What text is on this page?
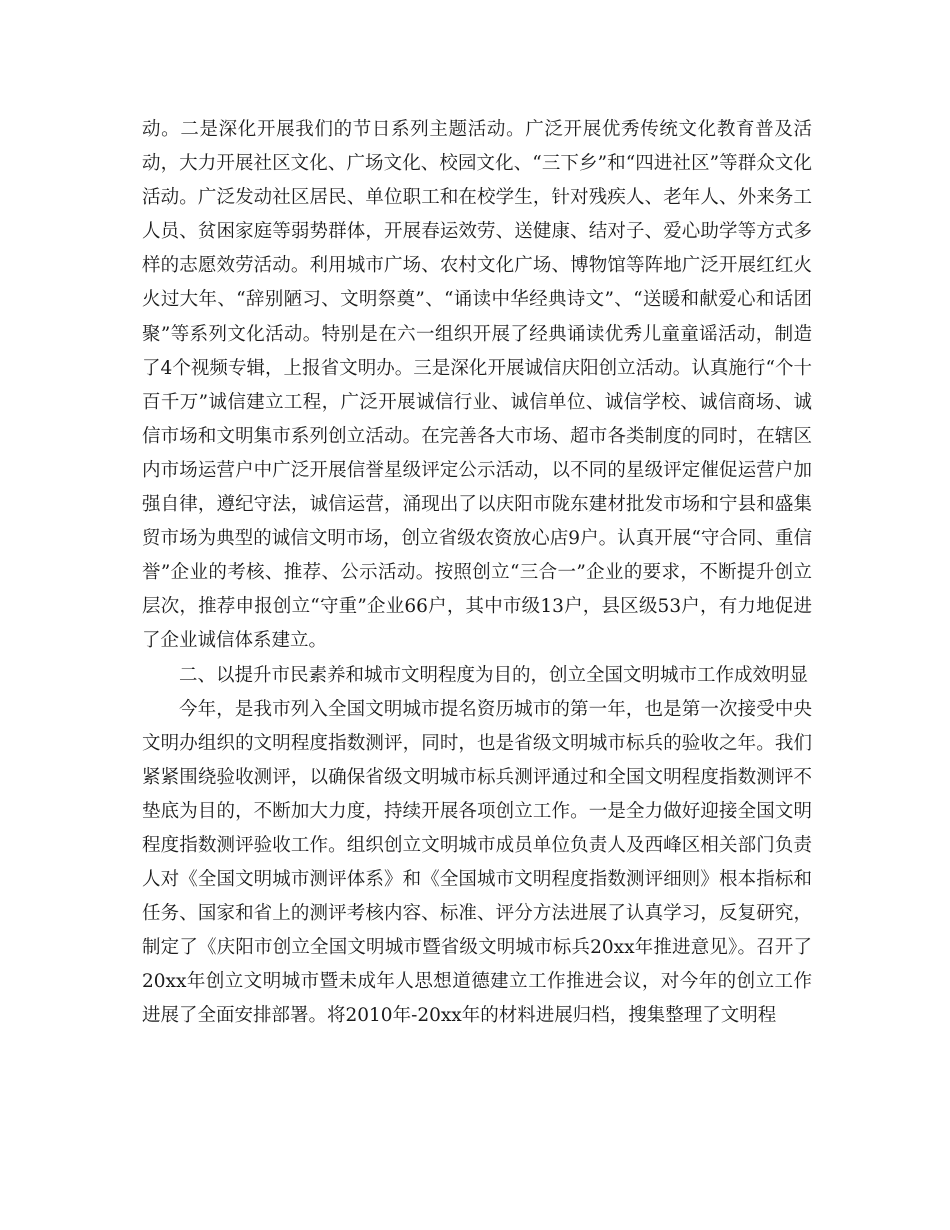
动。二是深化开展我们的节日系列主题活动。广泛开展优秀传统文化教育普及活动，大力开展社区文化、广场文化、校园文化、“三下乡”和“四进社区”等群众文化活动。广泛发动社区居民、单位职工和在校学生，针对残疾人、老年人、外来务工人员、贫困家庭等弱势群体，开展春运效劳、送健康、结对子、爱心助学等方式多样的志愿效劳活动。利用城市广场、农村文化广场、博物馆等阵地广泛开展红红火火过大年、“辞别陋习、文明祭奠”、“诵读中华经典诗文”、“送暖和献爱心和话团聚”等系列文化活动。特别是在六一组织开展了经典诵读优秀儿童童谣活动，制造了4个视频专辑，上报省文明办。三是深化开展诚信庆阳创立活动。认真施行“个十百千万”诚信建立工程，广泛开展诚信行业、诚信单位、诚信学校、诚信商场、诚信市场和文明集市系列创立活动。在完善各大市场、超市各类制度的同时，在辖区内市场运营户中广泛开展信誉星级评定公示活动，以不同的星级评定催促运营户加强自律，遵纪守法，诚信运营，涌现出了以庆阳市陇东建材批发市场和宁县和盛集贸市场为典型的诚信文明市场，创立省级农资放心店9户。认真开展“守合同、重信誉”企业的考核、推荐、公示活动。按照创立“三合一”企业的要求，不断提升创立层次，推荐申报创立“守重”企业66户，其中市级13户，县区级53户，有力地促进了企业诚信体系建立。

二、以提升市民素养和城市文明程度为目的，创立全国文明城市工作成效明显

今年，是我市列入全国文明城市提名资历城市的第一年，也是第一次接受中央文明办组织的文明程度指数测评，同时，也是省级文明城市标兵的验收之年。我们紧紧围绕验收测评，以确保省级文明城市标兵测评通过和全国文明程度指数测评不垫底为目的，不断加大力度，持续开展各项创立工作。一是全力做好迎接全国文明程度指数测评验收工作。组织创立文明城市成员单位负责人及西峰区相关部门负责人对《全国文明城市测评体系》和《全国城市文明程度指数测评细则》根本指标和任务、国家和省上的测评考核内容、标准、评分方法进展了认真学习，反复研究，制定了《庆阳市创立全国文明城市暨省级文明城市标兵20xx年推进意见》。召开了20xx年创立文明城市暨未成年人思想道德建立工作推进会议，对今年的创立工作进展了全面安排部署。将2010年-20xx年的材料进展归档，搜集整理了文明程
